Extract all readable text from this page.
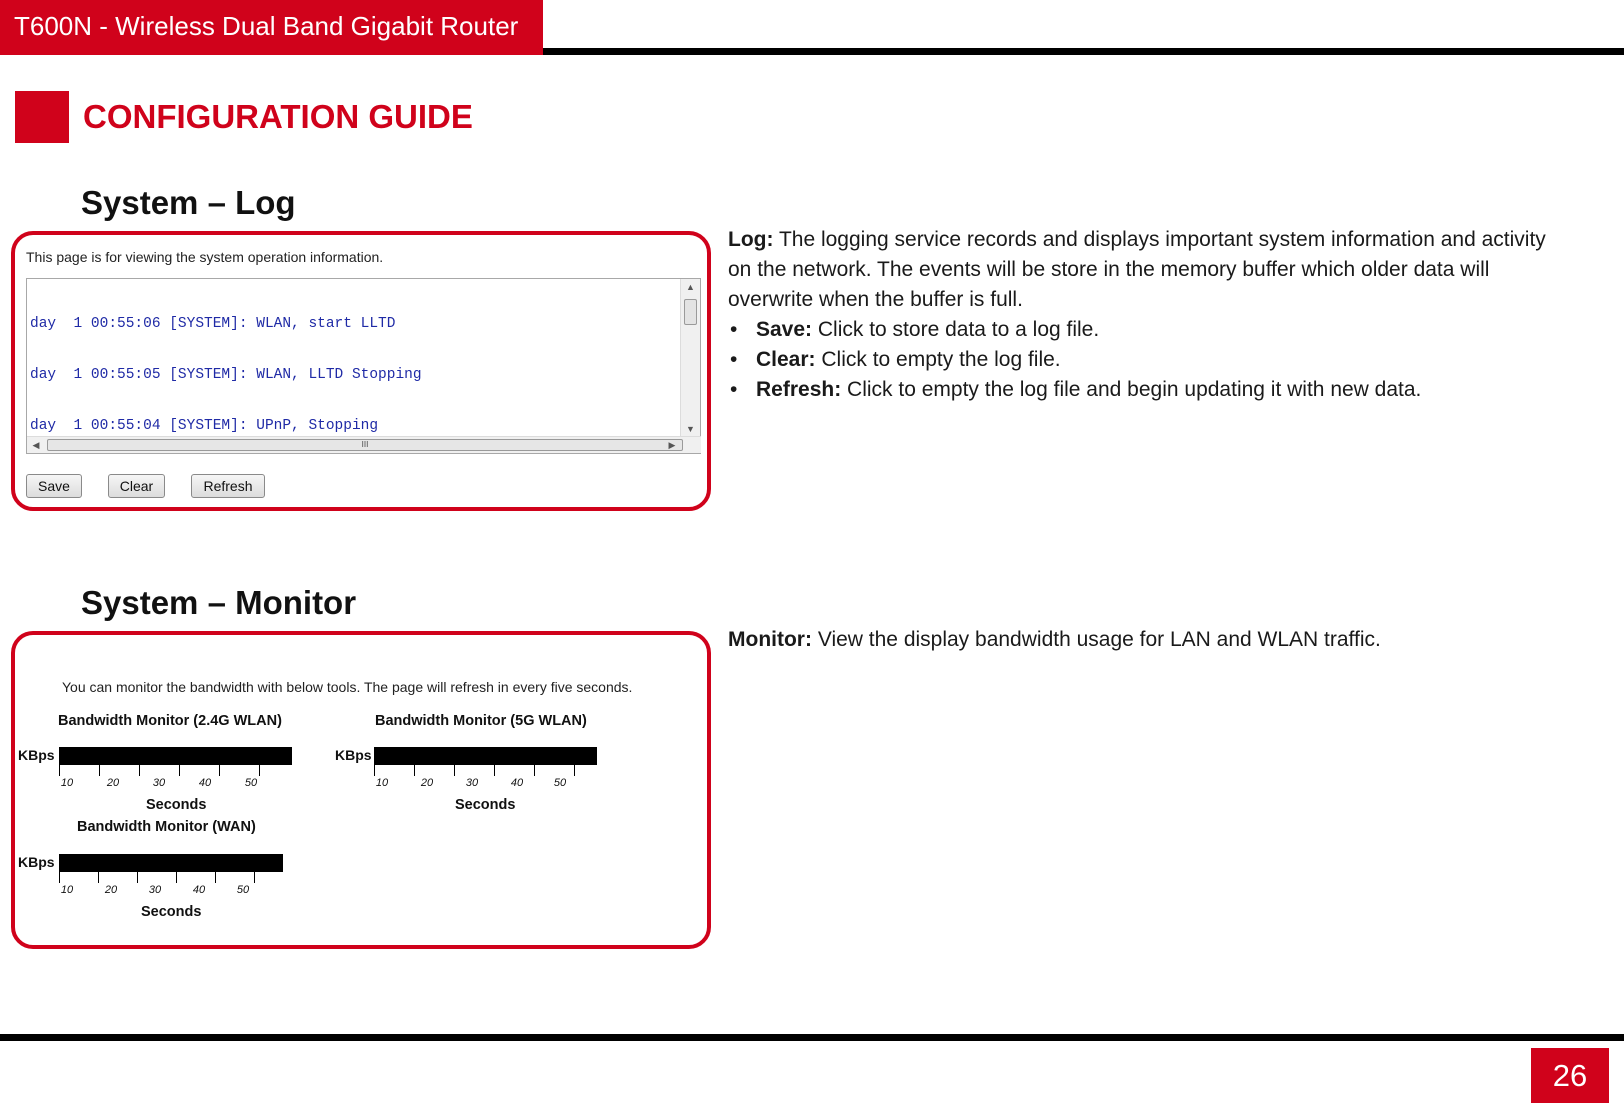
T600N - Wireless Dual Band Gigabit Router
CONFIGURATION GUIDE
System – Log
This page is for viewing the system operation information.

day  1 00:55:06 [SYSTEM]: WLAN, start LLTD

day  1 00:55:05 [SYSTEM]: WLAN, LLTD Stopping

day  1 00:55:04 [SYSTEM]: UPnP, Stopping

▲
▼
◀	III	▶
Save	Clear	Refresh

Log: The logging service records and displays important system information and activity on the network. The events will be store in the memory buffer which older data will overwrite when the buffer is full.

• Save: Click to store data to a log file.
• Clear: Click to empty the log file.
• Refresh: Click to empty the log file and begin updating it with new data.
System – Monitor
You can monitor the bandwidth with below tools. The page will refresh in every five seconds.
Bandwidth Monitor (2.4G WLAN)
KBps
10	20	30	40	50
Seconds
Bandwidth Monitor (5G WLAN)
KBps
10	20	30	40	50
Seconds
Bandwidth Monitor (WAN)
KBps
10	20	30	40	50
Seconds

Monitor: View the display bandwidth usage for LAN and WLAN traffic.

26
